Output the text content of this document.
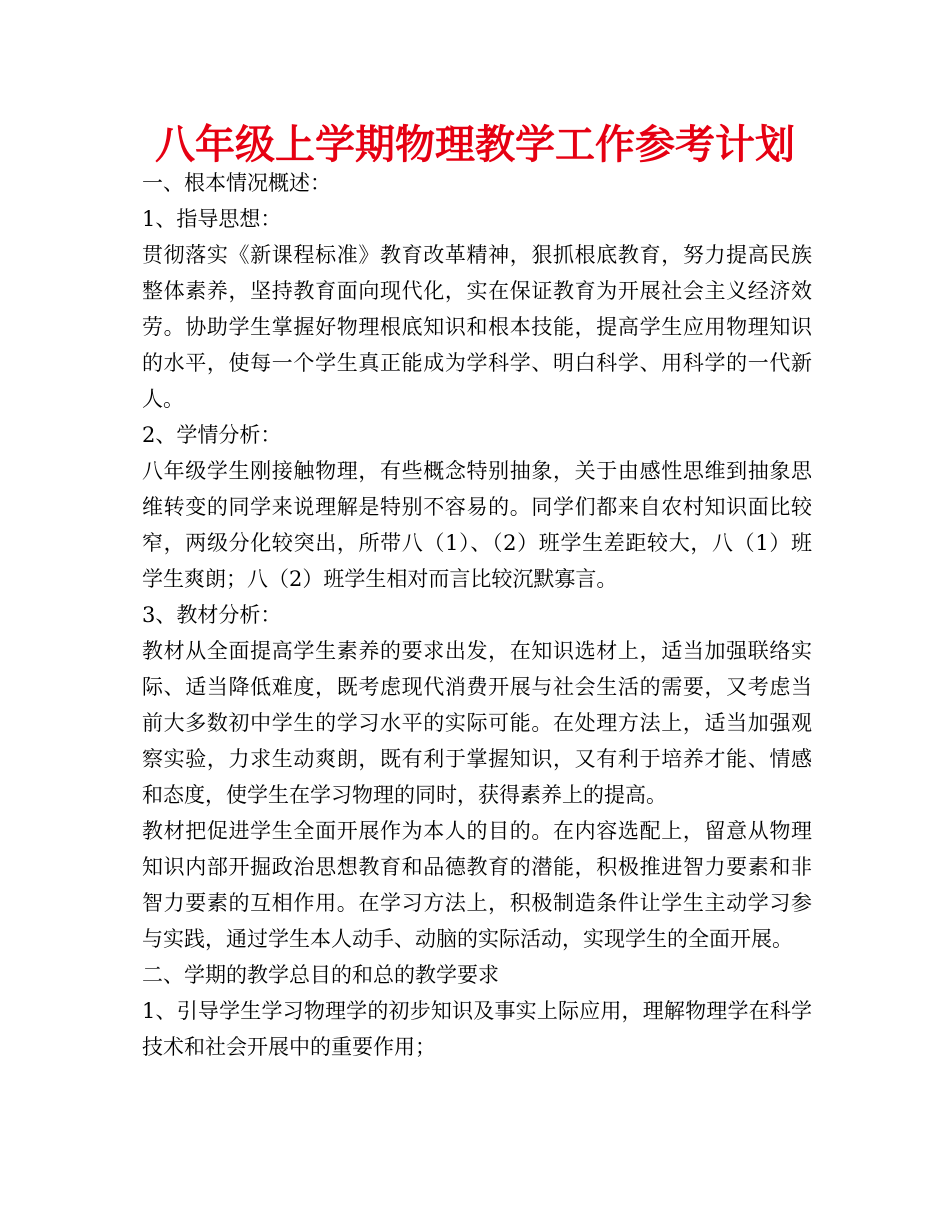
八年级上学期物理教学工作参考计划

一、根本情况概述：

1、指导思想：

贯彻落实《新课程标准》教育改革精神，狠抓根底教育，努力提高民族整体素养，坚持教育面向现代化，实在保证教育为开展社会主义经济效劳。协助学生掌握好物理根底知识和根本技能，提高学生应用物理知识的水平，使每一个学生真正能成为学科学、明白科学、用科学的一代新人。

2、学情分析：

八年级学生刚接触物理，有些概念特别抽象，关于由感性思维到抽象思维转变的同学来说理解是特别不容易的。同学们都来自农村知识面比较窄，两级分化较突出，所带八（1）、（2）班学生差距较大，八（1）班学生爽朗；八（2）班学生相对而言比较沉默寡言。

3、教材分析：

教材从全面提高学生素养的要求出发，在知识选材上，适当加强联络实际、适当降低难度，既考虑现代消费开展与社会生活的需要，又考虑当前大多数初中学生的学习水平的实际可能。在处理方法上，适当加强观察实验，力求生动爽朗，既有利于掌握知识，又有利于培养才能、情感和态度，使学生在学习物理的同时，获得素养上的提高。

教材把促进学生全面开展作为本人的目的。在内容选配上，留意从物理知识内部开掘政治思想教育和品德教育的潜能，积极推进智力要素和非智力要素的互相作用。在学习方法上，积极制造条件让学生主动学习参与实践，通过学生本人动手、动脑的实际活动，实现学生的全面开展。

二、学期的教学总目的和总的教学要求

1、引导学生学习物理学的初步知识及事实上际应用，理解物理学在科学技术和社会开展中的重要作用；
